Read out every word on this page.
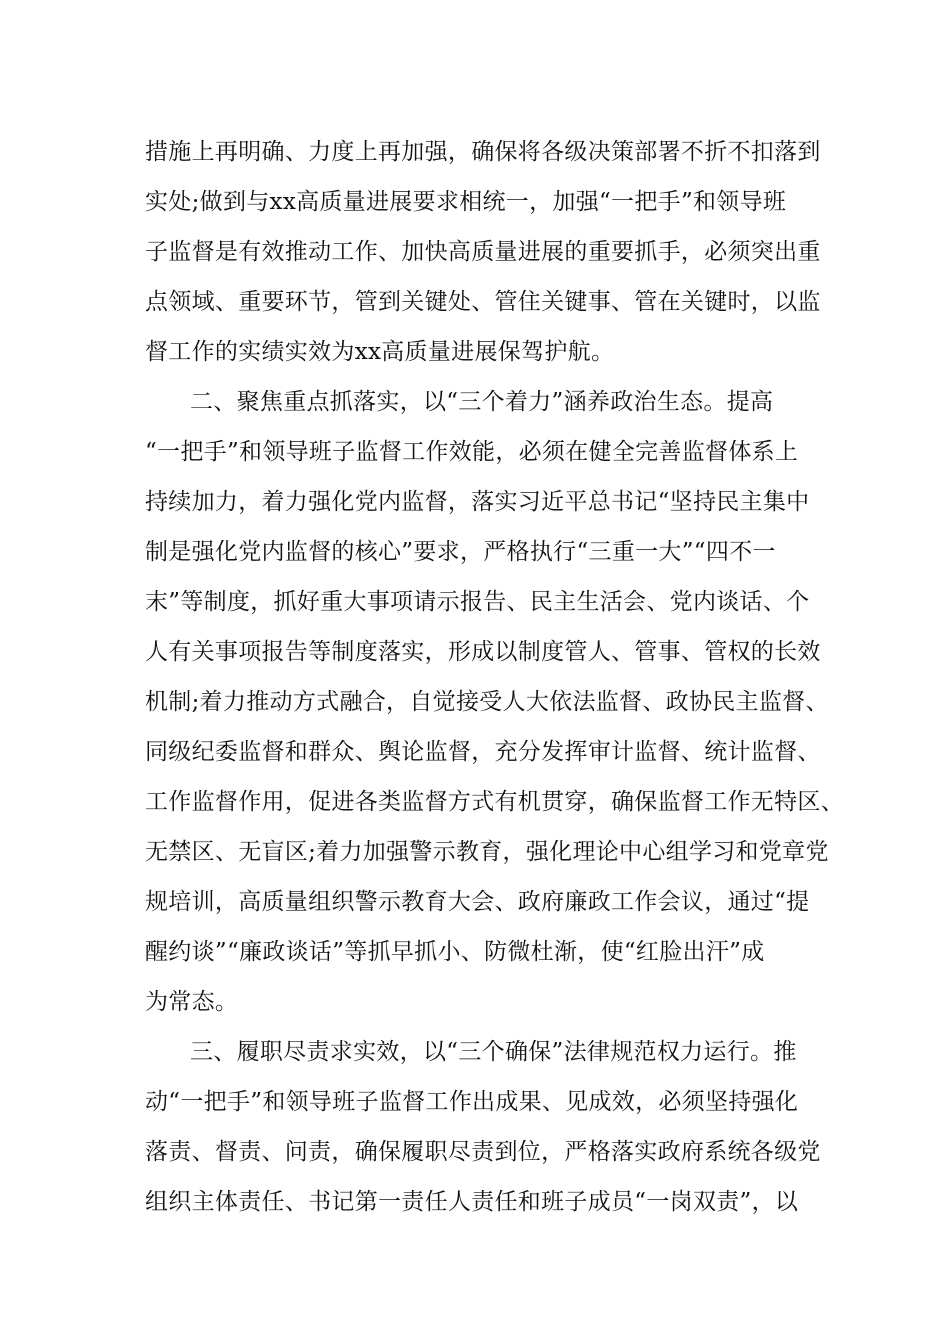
措施上再明确、力度上再加强，确保将各级决策部署不折不扣落到
实处;做到与xx高质量进展要求相统一，加强“一把手”和领导班
子监督是有效推动工作、加快高质量进展的重要抓手，必须突出重
点领域、重要环节，管到关键处、管住关键事、管在关键时，以监
督工作的实绩实效为xx高质量进展保驾护航。
二、聚焦重点抓落实，以“三个着力”涵养政治生态。提高
“一把手”和领导班子监督工作效能，必须在健全完善监督体系上
持续加力，着力强化党内监督，落实习近平总书记“坚持民主集中
制是强化党内监督的核心”要求，严格执行“三重一大”“四不一
末”等制度，抓好重大事项请示报告、民主生活会、党内谈话、个
人有关事项报告等制度落实，形成以制度管人、管事、管权的长效
机制;着力推动方式融合，自觉接受人大依法监督、政协民主监督、
同级纪委监督和群众、舆论监督，充分发挥审计监督、统计监督、
工作监督作用，促进各类监督方式有机贯穿，确保监督工作无特区、
无禁区、无盲区;着力加强警示教育，强化理论中心组学习和党章党
规培训，高质量组织警示教育大会、政府廉政工作会议，通过“提
醒约谈”“廉政谈话”等抓早抓小、防微杜渐，使“红脸出汗”成
为常态。
三、履职尽责求实效，以“三个确保”法律规范权力运行。推
动“一把手”和领导班子监督工作出成果、见成效，必须坚持强化
落责、督责、问责，确保履职尽责到位，严格落实政府系统各级党
组织主体责任、书记第一责任人责任和班子成员“一岗双责”，以
